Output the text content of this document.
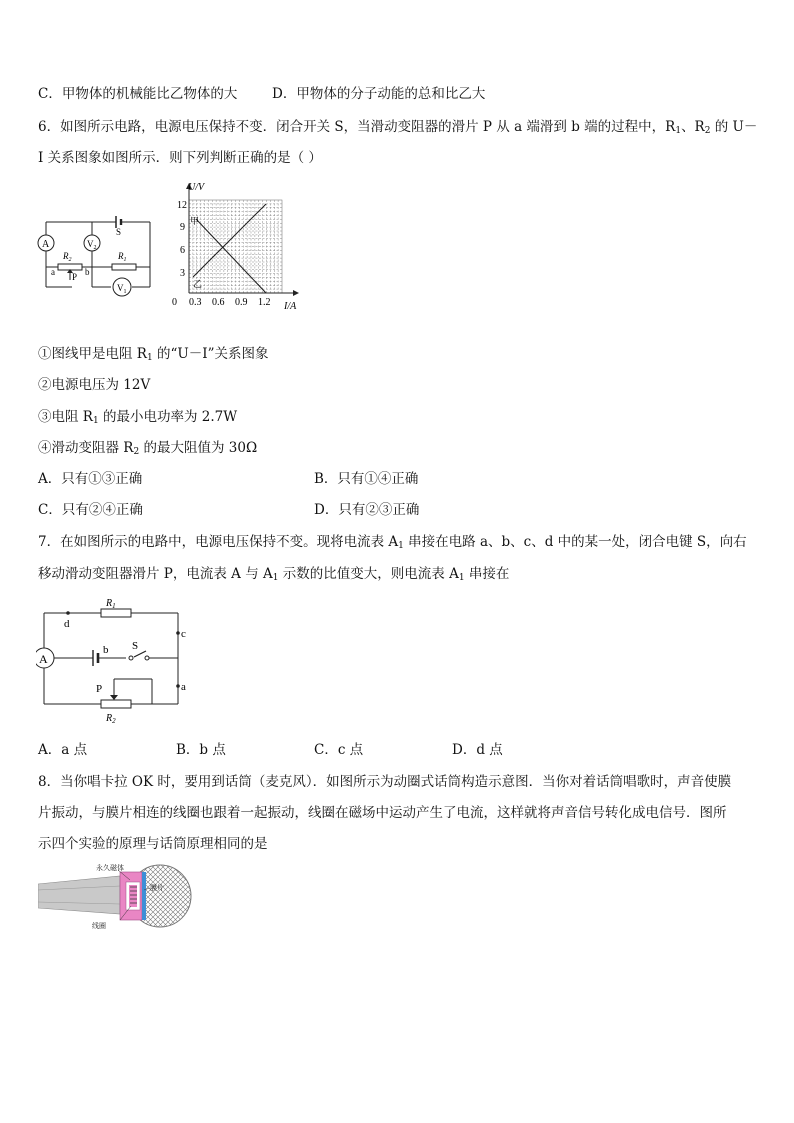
C．甲物体的机械能比乙物体的大	D．甲物体的分子动能的总和比乙大
6．如图所示电路，电源电压保持不变．闭合开关 S，当滑动变阻器的滑片 P 从 a 端滑到 b 端的过程中，$R_1$、$R_2$ 的 U－
I 关系图象如图所示．则下列判断正确的是（ ）
A	$V_2$
$V_1$
S
$R_2$	$R_1$
a	b
P
U/V
I/A
12
9
6
3
0 0.3 0.6 0.9 1.2
甲
乙
①图线甲是电阻 $R_1$ 的“U－I”关系图象
②电源电压为 12V
③电阻 $R_1$ 的最小电功率为 2.7W
④滑动变阻器 $R_2$ 的最大阻值为 30Ω
A．只有①③正确	B．只有①④正确
C．只有②④正确	D．只有②③正确
7．在如图所示的电路中，电源电压保持不变。现将电流表 $A_1$ 串接在电路 a、b、c、d 中的某一处，闭合电键 S，向右
移动滑动变阻器滑片 P，电流表 A 与 $A_1$ 示数的比值变大，则电流表 $A_1$ 串接在
A
$R_1$
d
c
b S
a
P
$R_2$
A．a 点	B．b 点	C．c 点	D．d 点
8．当你唱卡拉 OK 时，要用到话筒（麦克风）．如图所示为动圈式话筒构造示意图．当你对着话筒唱歌时，声音使膜
片振动，与膜片相连的线圈也跟着一起振动，线圈在磁场中运动产生了电流，这样就将声音信号转化成电信号．图所
示四个实验的原理与话筒原理相同的是
永久磁体
膜片
线圈
